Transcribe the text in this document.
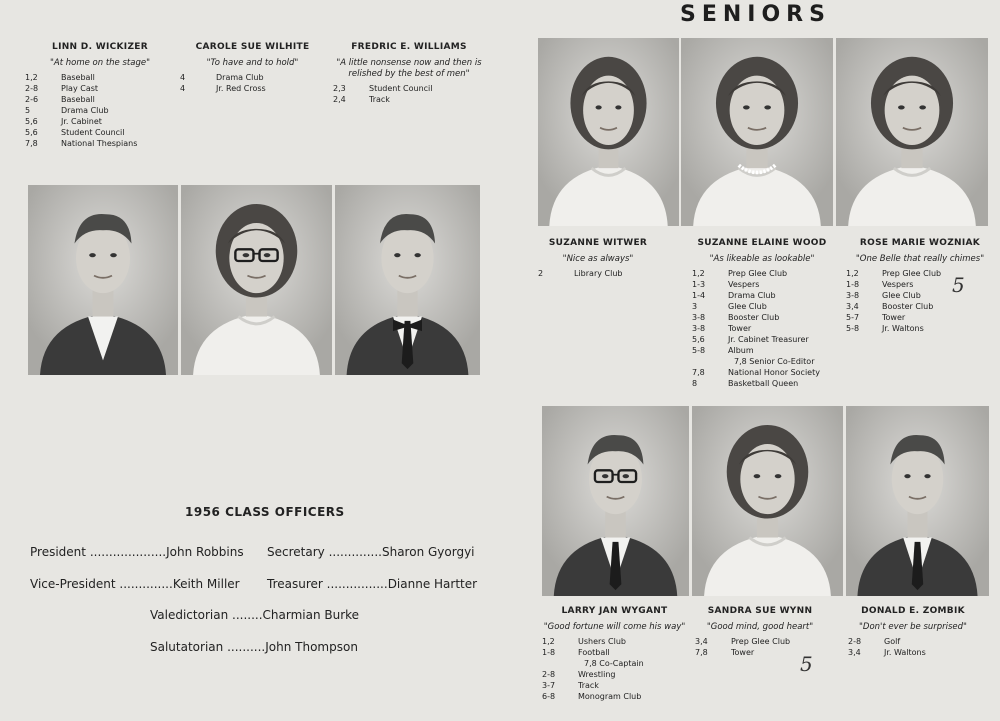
SENIORS
LINN D. WICKIZER
"At home on the stage"
1,2	Baseball
2-8	Play Cast
2-6	Baseball
5	Drama Club
5,6	Jr. Cabinet
5,6	Student Council
7,8	National Thespians
CAROLE SUE WILHITE
"To have and to hold"
4	Drama Club
4	Jr. Red Cross
FREDRIC E. WILLIAMS
"A little nonsense now and then is relished by the best of men"
2,3	Student Council
2,4	Track
SUZANNE WITWER
"Nice as always"
2	Library Club
SUZANNE ELAINE WOOD
"As likeable as lookable"
1,2	Prep Glee Club
1-3	Vespers
1-4	Drama Club
3	Glee Club
3-8	Booster Club
3-8	Tower
5,6	Jr. Cabinet Treasurer
5-8	Album
7,8 Senior Co-Editor
7,8	National Honor Society
8	Basketball Queen
ROSE MARIE WOZNIAK
"One Belle that really chimes"
1,2	Prep Glee Club
1-8	Vespers
3-8	Glee Club
3,4	Booster Club
5-7	Tower
5-8	Jr. Waltons
LARRY JAN WYGANT
"Good fortune will come his way"
1,2	Ushers Club
1-8	Football
7,8 Co-Captain
2-8	Wrestling
3-7	Track
6-8	Monogram Club
SANDRA SUE WYNN
"Good mind, good heart"
3,4	Prep Glee Club
7,8	Tower
DONALD E. ZOMBIK
"Don't ever be surprised"
2-8	Golf
3,4	Jr. Waltons
1956 CLASS OFFICERS
President ....................John Robbins Secretary ..............Sharon Gyorgyi
Vice-President ..............Keith Miller Treasurer ................Dianne Hartter
Valedictorian ........Charmian Burke
Salutatorian ..........John Thompson
5
5
